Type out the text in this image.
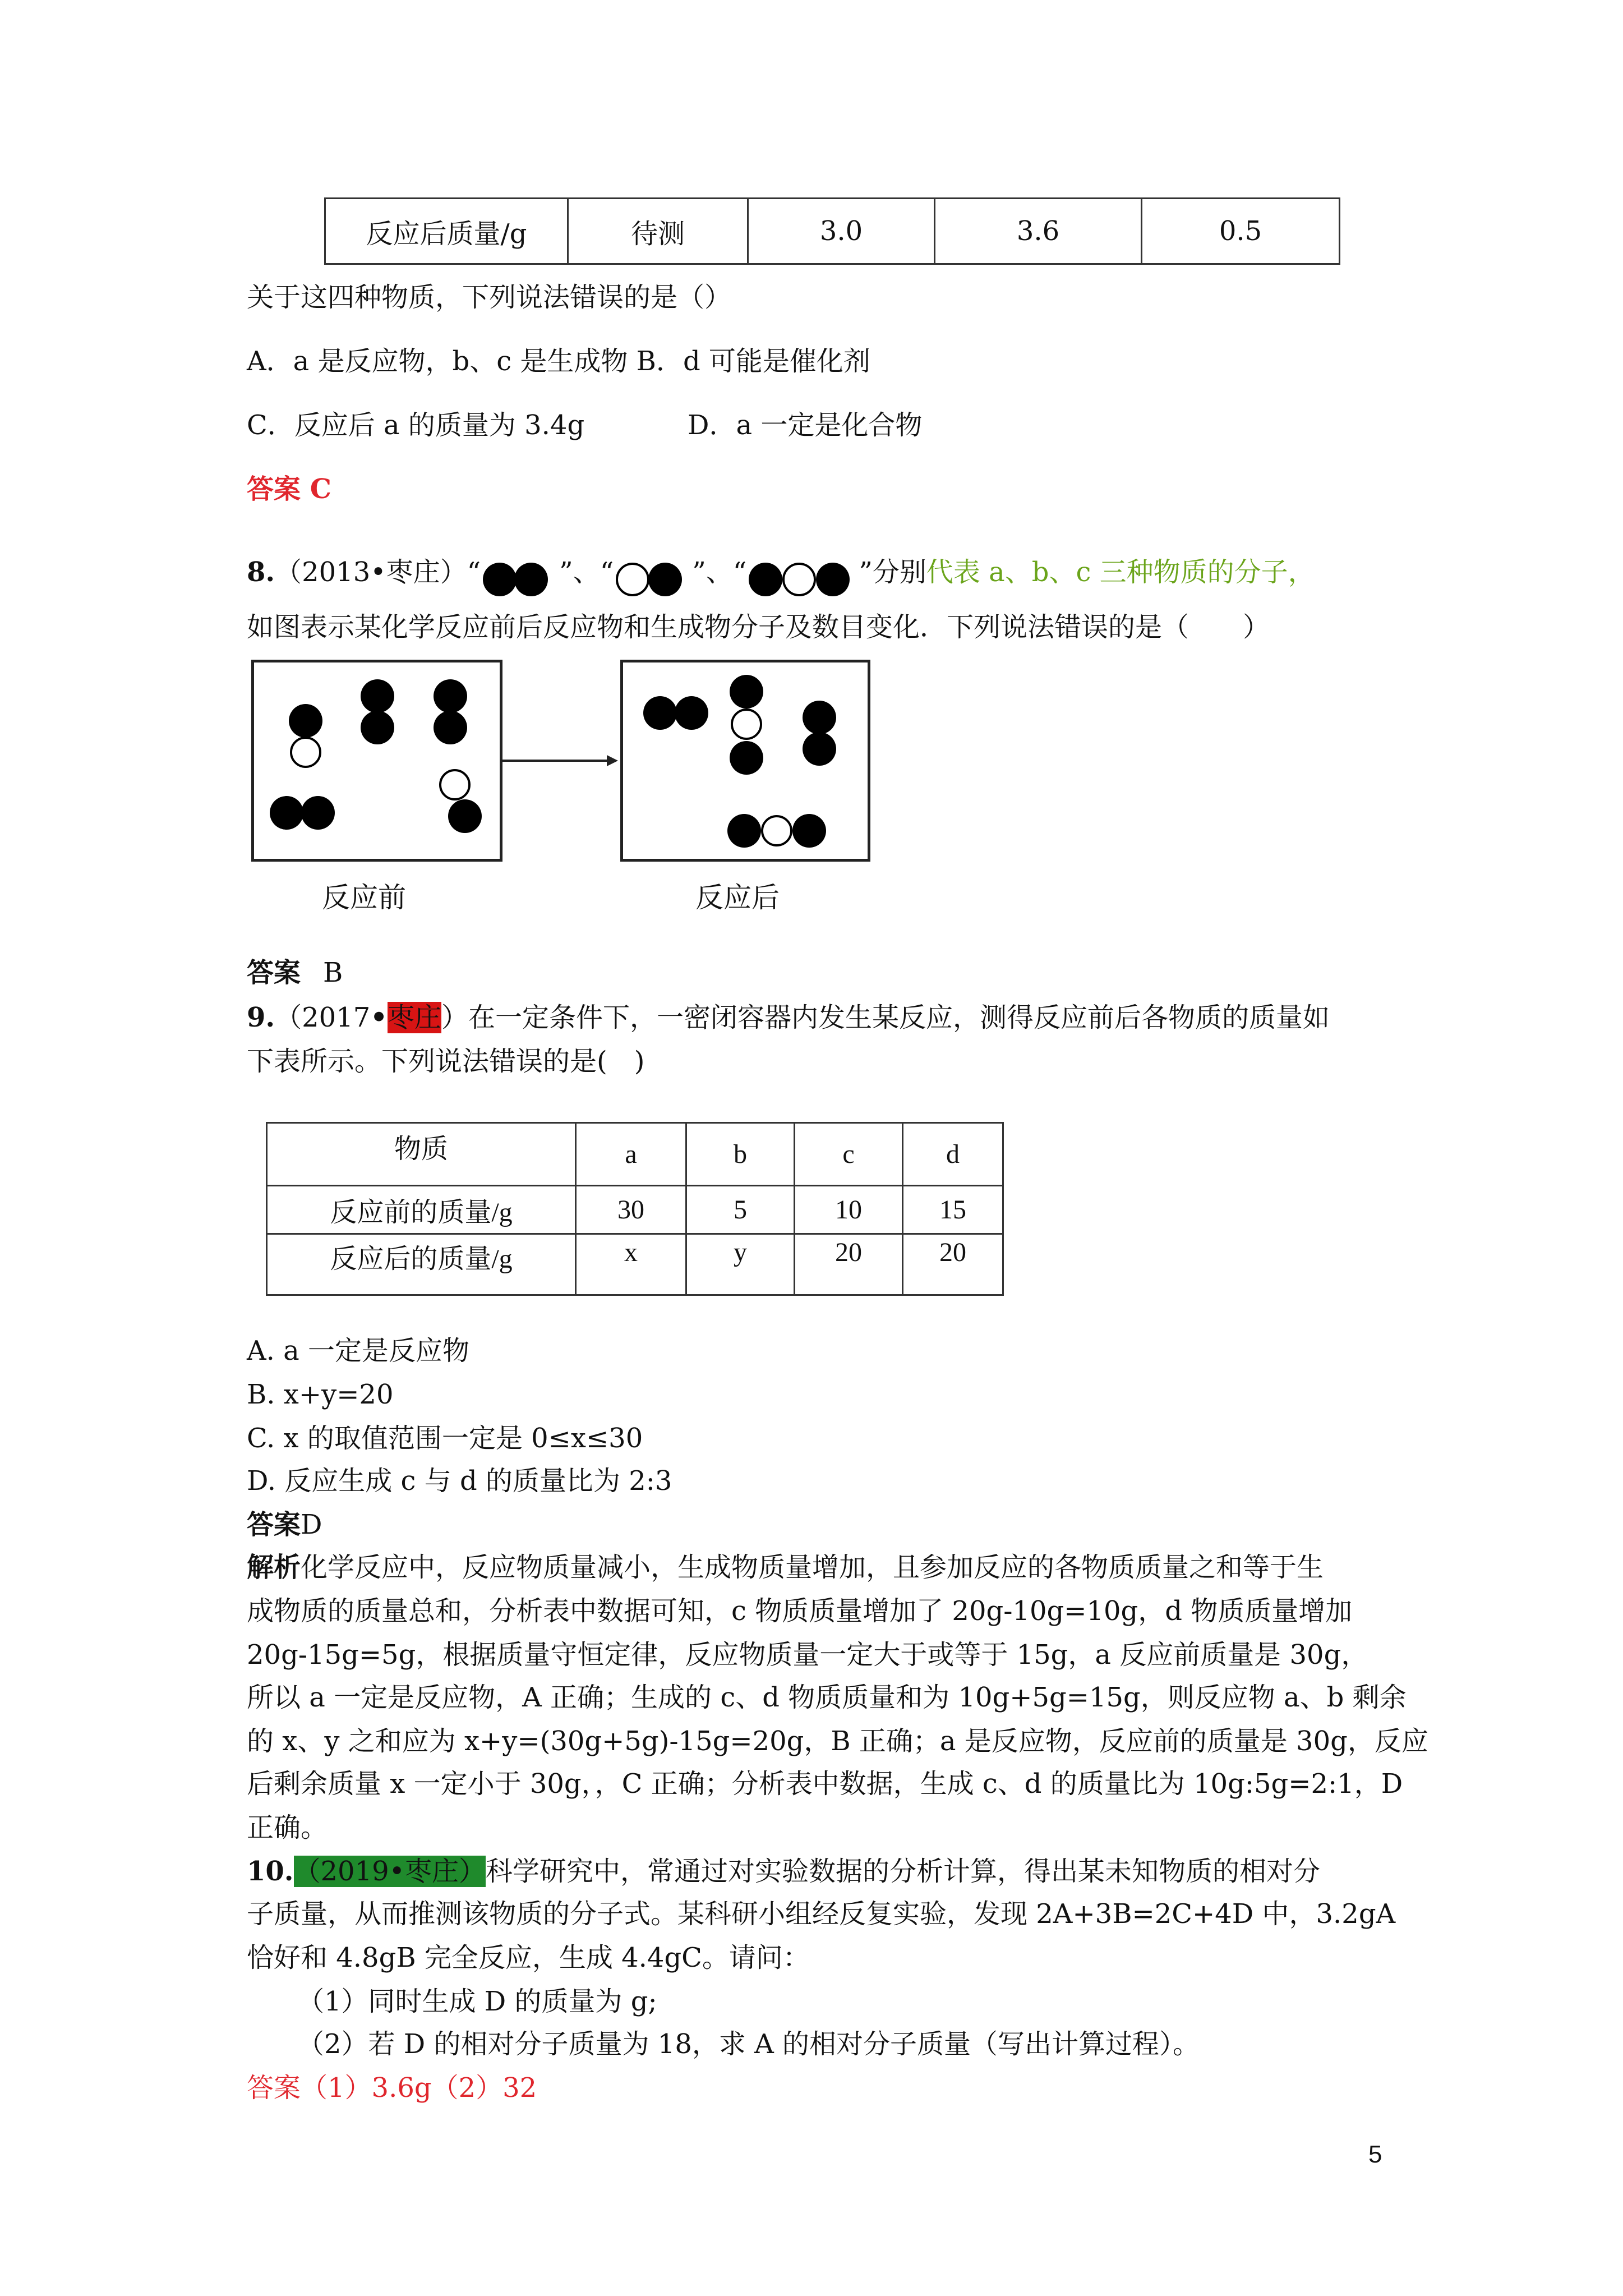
反应后质量/g	待测	3.0	3.6	0.5
关于这四种物质，下列说法错误的是（）
A．a 是反应物，b、c 是生成物 B．d 可能是催化剂
C．反应后 a 的质量为 3.4g	D．a 一定是化合物
答案 C
8.（2013•枣庄）“	”、“	”、“	”分别代表 a、b、c 三种物质的分子，
如图表示某化学反应前后反应物和生成物分子及数目变化．下列说法错误的是（　　）
反应前	反应后
答案 B
9.（2017•枣庄）在一定条件下，一密闭容器内发生某反应，测得反应前后各物质的质量如
下表所示。下列说法错误的是(　)
物质	a	b	c	d
反应前的质量/g	30	5	10	15
反应后的质量/g	x	y	20	20
A. a 一定是反应物
B. x+y=20
C. x 的取值范围一定是 0≤x≤30
D. 反应生成 c 与 d 的质量比为 2:3
答案D
解析化学反应中，反应物质量减小，生成物质量增加，且参加反应的各物质质量之和等于生
成物质的质量总和，分析表中数据可知，c 物质质量增加了 20g-10g=10g，d 物质质量增加
20g-15g=5g，根据质量守恒定律，反应物质量一定大于或等于 15g，a 反应前质量是 30g，
所以 a 一定是反应物，A 正确；生成的 c、d 物质质量和为 10g+5g=15g，则反应物 a、b 剩余
的 x、y 之和应为 x+y=(30g+5g)-15g=20g，B 正确；a 是反应物，反应前的质量是 30g，反应
后剩余质量 x 一定小于 30g，，C 正确；分析表中数据，生成 c、d 的质量比为 10g:5g=2:1，D
正确。
10.（2019•枣庄）科学研究中，常通过对实验数据的分析计算，得出某未知物质的相对分
子质量，从而推测该物质的分子式。某科研小组经反复实验，发现 2A+3B=2C+4D 中，3.2gA
恰好和 4.8gB 完全反应，生成 4.4gC。请问：
（1）同时生成 D 的质量为 g;
（2）若 D 的相对分子质量为 18，求 A 的相对分子质量（写出计算过程）。
答案（1）3.6g（2）32
5
